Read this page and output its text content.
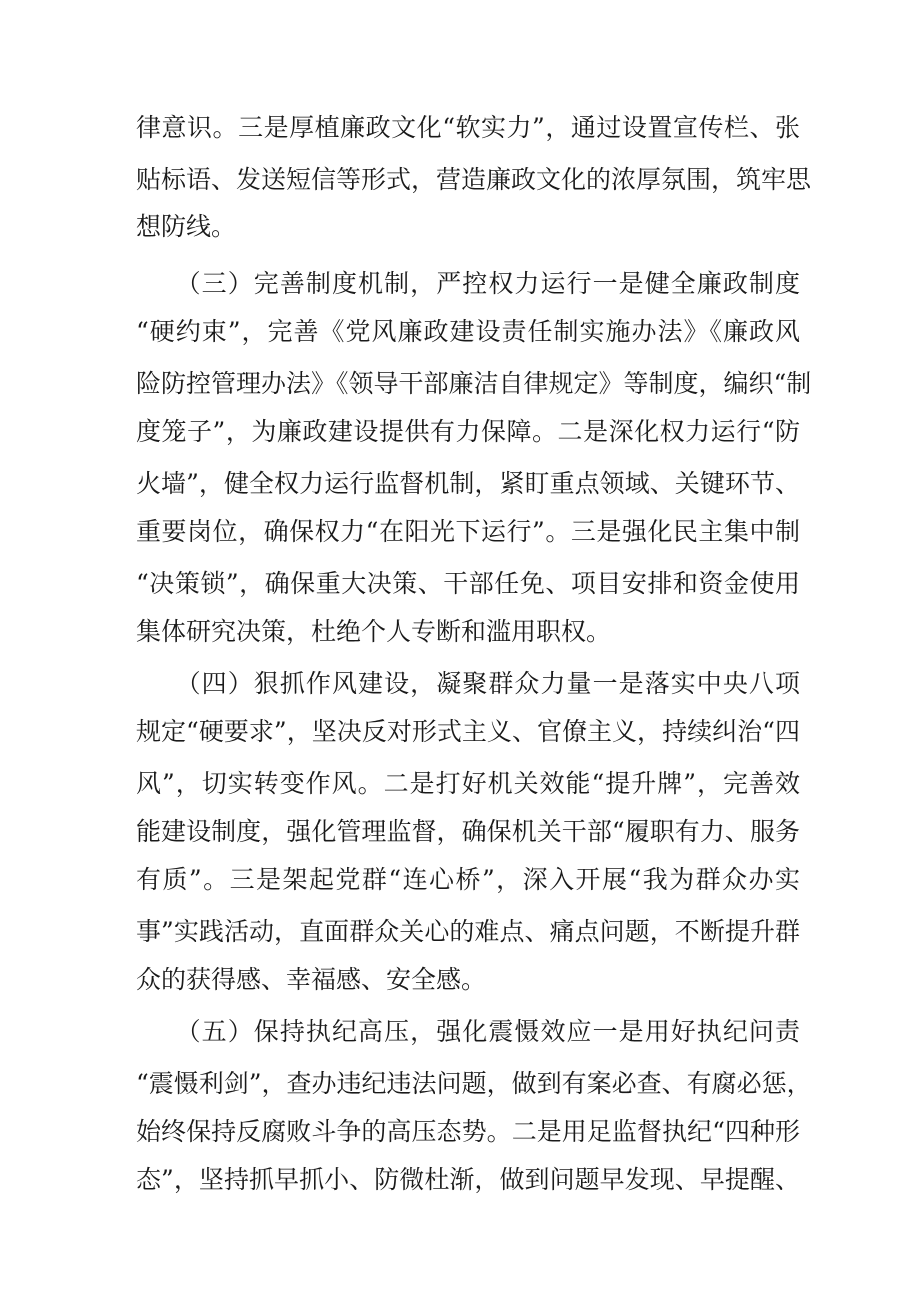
律意识。三是厚植廉政文化“软实力”，通过设置宣传栏、张
贴标语、发送短信等形式，营造廉政文化的浓厚氛围，筑牢思
想防线。
　　（三）完善制度机制，严控权力运行一是健全廉政制度
“硬约束”，完善《党风廉政建设责任制实施办法》《廉政风
险防控管理办法》《领导干部廉洁自律规定》等制度，编织“制
度笼子”，为廉政建设提供有力保障。二是深化权力运行“防
火墙”，健全权力运行监督机制，紧盯重点领域、关键环节、
重要岗位，确保权力“在阳光下运行”。三是强化民主集中制
“决策锁”，确保重大决策、干部任免、项目安排和资金使用
集体研究决策，杜绝个人专断和滥用职权。
　　（四）狠抓作风建设，凝聚群众力量一是落实中央八项
规定“硬要求”，坚决反对形式主义、官僚主义，持续纠治“四
风”，切实转变作风。二是打好机关效能“提升牌”，完善效
能建设制度，强化管理监督，确保机关干部“履职有力、服务
有质”。三是架起党群“连心桥”，深入开展“我为群众办实
事”实践活动，直面群众关心的难点、痛点问题，不断提升群
众的获得感、幸福感、安全感。
　　（五）保持执纪高压，强化震慑效应一是用好执纪问责
“震慑利剑”，查办违纪违法问题，做到有案必查、有腐必惩，
始终保持反腐败斗争的高压态势。二是用足监督执纪“四种形
态”，坚持抓早抓小、防微杜渐，做到问题早发现、早提醒、
